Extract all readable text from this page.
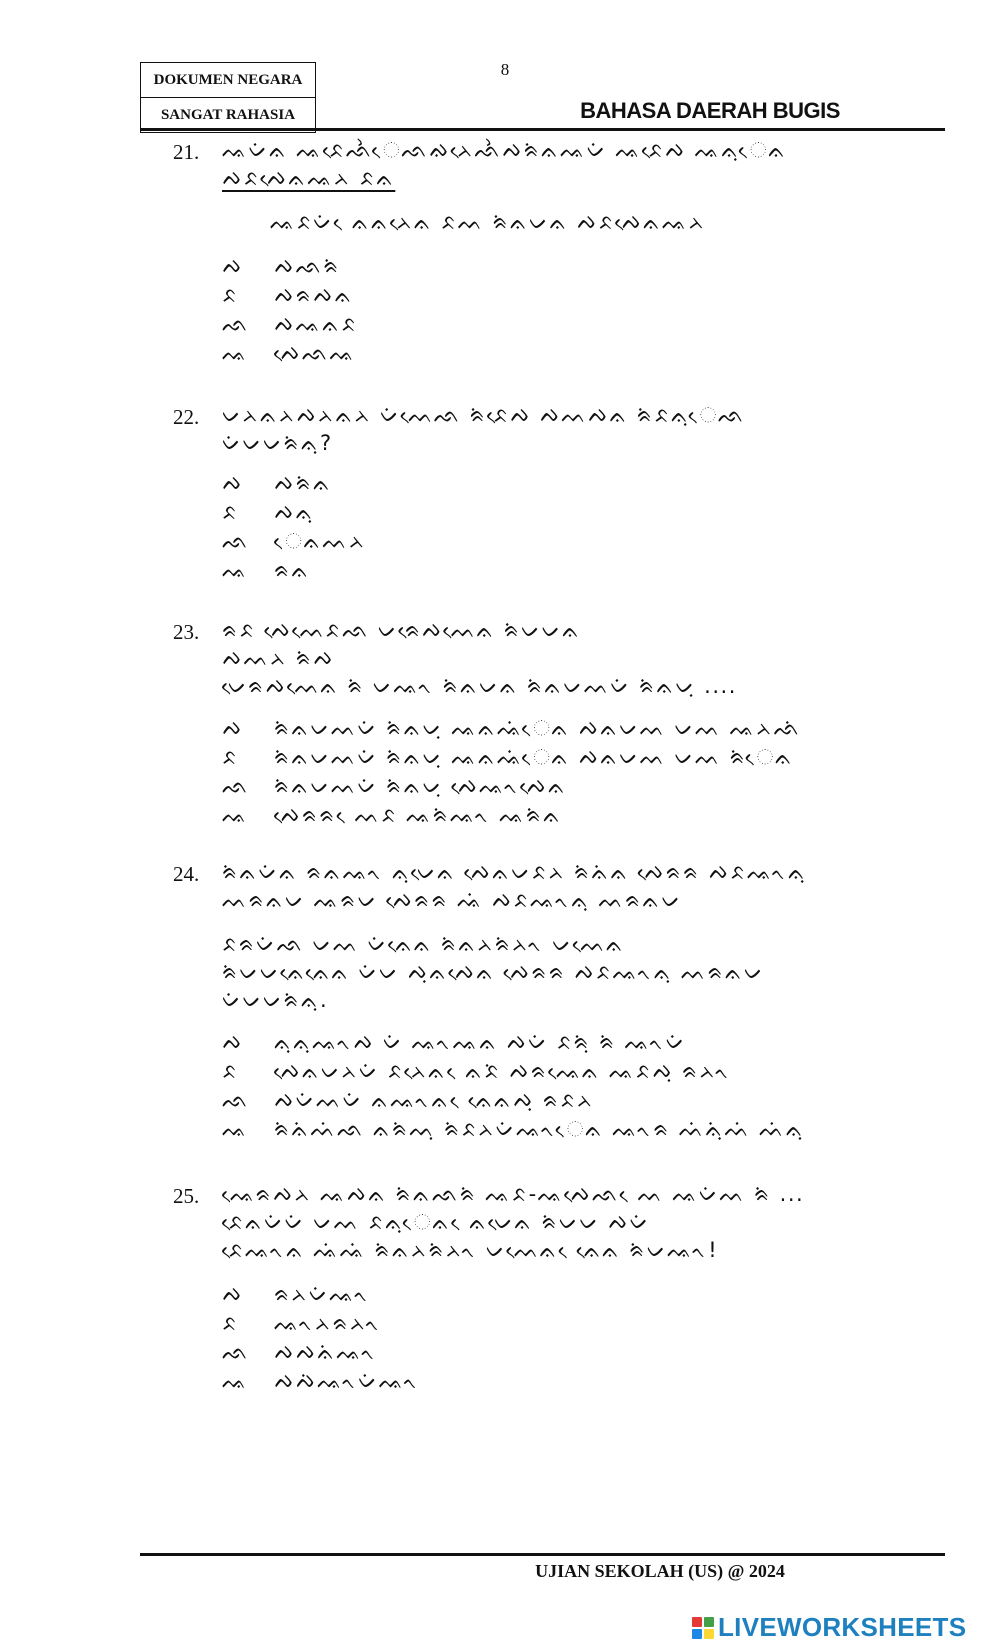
DOKUMEN NEGARA
SANGAT RAHASIA
8
BAHASA DAERAH BUGIS
21. ᨕᨆᨗᨊ ᨕᨅᨙᨒᨛᨙᨒᨁᨂᨙᨒᨛᨄᨑᨗᨊᨕᨆᨗ ᨕᨅᨙᨄ ᨕᨊᨘᨙᨊ
ᨄᨅᨄᨙᨊᨕᨂ ᨅᨊ
ᨕᨅᨆᨗ ᨙᨊᨊᨂᨙᨊ ᨅᨓ ᨑᨗᨊᨆᨊ ᨄᨅᨄᨙᨊᨕᨂ
ᨄ	ᨄᨒᨑᨗ
ᨅ	ᨄᨑᨄᨊ
ᨒ	ᨄᨕᨊᨅ
ᨕ	ᨄᨙᨒᨕ
22. ᨆᨂᨊᨂᨄᨂᨊᨂ ᨆᨗᨓᨙᨒ ᨑᨗᨅᨙᨄ ᨄᨓᨄᨊ ᨑᨗᨅᨊᨘᨙᨒ
ᨆᨗᨆᨆᨑᨗᨊᨘ?
ᨄ	ᨄᨑᨗᨊ
ᨅ	ᨄᨊᨘ
ᨒ	ᨙᨊᨓᨂ
ᨕ	ᨑᨊ
23. ᨑᨅ ᨄᨙᨓᨙᨅᨒ ᨆᨑᨙᨄᨓᨙᨊ ᨑᨗᨆᨆᨊ
ᨄᨓᨂ ᨑᨗᨄ
ᨆᨙᨑᨄᨓᨙᨊ ᨑᨗ ᨆᨕᨚ ᨑᨗᨊᨆᨊ ᨑᨗᨊᨆᨓᨆᨗ ᨑᨗᨊᨆᨘ ....
ᨄ	ᨑᨗᨊᨆᨓᨆᨗ ᨑᨗᨊᨆᨘ ᨕᨊᨕᨗᨙᨊ ᨄᨊᨆᨓ ᨆᨓ ᨕᨂᨒᨗ
ᨅ	ᨑᨗᨊᨆᨓᨆᨗ ᨑᨗᨊᨆᨘ ᨕᨊᨕᨗᨙᨊ ᨄᨊᨆᨓ ᨆᨓ ᨑᨗᨙᨊ
ᨒ	ᨑᨗᨊᨆᨓᨆᨗ ᨑᨗᨊᨆᨘ ᨄᨙᨕᨚᨄᨙᨊ
ᨕ	ᨄᨙᨑᨑ ᨙᨓᨅ ᨕᨑᨗᨕᨚ ᨕᨑᨗᨊ
24. ᨑᨗᨊᨆᨗᨊ ᨑᨊᨕᨚ ᨊᨘᨆᨙᨊ ᨄᨙᨊᨆᨅᨂ ᨑᨗᨊᨗᨊ ᨄᨙᨑᨑ ᨄᨅᨕᨚᨊᨘ
ᨓᨑᨊᨆ ᨕᨑᨆ ᨄᨙᨑᨑ ᨕᨗ ᨄᨅᨕᨚᨊᨘ ᨓᨑᨊᨆ
ᨅᨑᨆᨗᨒ ᨆᨓ ᨆᨗᨊᨙᨊ ᨑᨗᨊᨂᨑᨗᨂᨚ ᨆᨓᨙᨊ
ᨑᨗᨆᨆᨊᨙᨊᨙᨊ ᨆᨗᨆ ᨄᨘᨊᨄᨙᨊ ᨄᨙᨑᨑ ᨄᨅᨕᨚᨊᨘ ᨓᨑᨊᨆ
ᨆᨗᨆᨆᨑᨗᨊᨘ.
ᨄ	ᨊᨘᨊᨘᨕᨚᨄ ᨆᨗ ᨕᨚᨕᨊ ᨄᨆᨗ ᨅᨑᨘᨗ ᨑᨗ ᨕᨚᨆᨗ
ᨅ	ᨄᨙᨊᨆᨂᨆᨗ ᨅᨂᨙᨊ ᨙᨊᨅᨗ ᨄᨑᨕᨙᨊ ᨕᨅᨄᨘ ᨑᨂᨚ
ᨒ	ᨄᨆᨗᨓᨆᨗ ᨊᨕᨚᨊ ᨙᨊᨙᨊᨄᨘ ᨑᨅᨂ
ᨕ	ᨑᨗᨊᨗᨓᨗᨒ ᨊᨑᨗᨓᨘ ᨑᨗᨅᨂᨆᨗᨕᨚᨙᨊ ᨕᨚᨑ ᨓᨗᨊᨘᨗᨓᨗ ᨓᨗᨊᨘ
25. ᨕᨙᨑᨄᨂ ᨕᨄᨊ ᨑᨗᨊᨒᨑᨗ ᨕᨅ-ᨕᨄᨙᨒ ᨙᨓ ᨕᨆᨗᨓ ᨑᨗ ...
ᨅᨙᨊᨆᨗᨆᨗ ᨆᨓ ᨅᨊᨘᨙᨊ ᨙᨊᨆᨙᨊ ᨑᨗᨆᨆ ᨄᨆᨗ
ᨅᨙᨕᨚᨊ ᨕᨗᨕᨗ ᨑᨗᨊᨂᨑᨗᨂᨚ ᨆᨓᨙᨊ ᨙᨊᨙᨊ ᨑᨗᨆᨕᨚ!
ᨄ	ᨑᨂᨆᨗᨕᨚ
ᨅ	ᨕᨚᨂᨑᨂᨚ
ᨒ	ᨄᨄᨊᨗᨕᨚ
ᨕ	ᨄᨄᨗᨕᨚᨆᨗᨕᨚ
UJIAN SEKOLAH (US) @ 2024
LIVEWORKSHEETS
